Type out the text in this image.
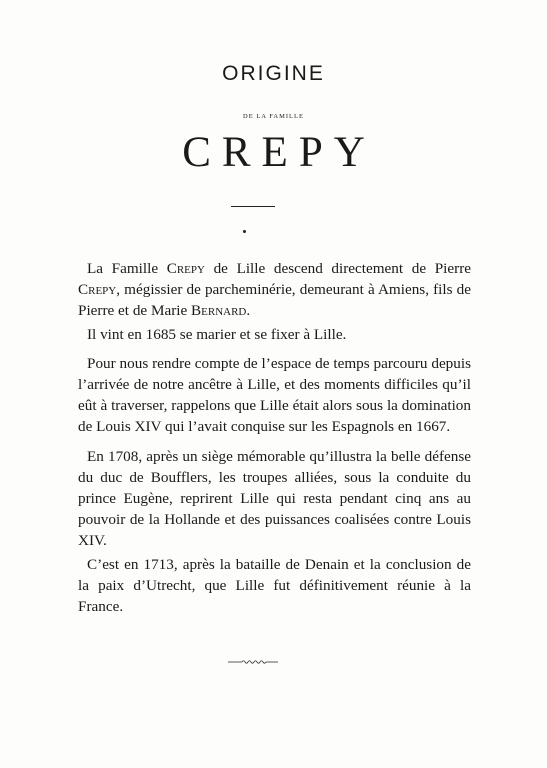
ORIGINE
DE LA FAMILLE
CREPY

La Famille Crepy de Lille descend directement de Pierre Crepy, mégissier de parcheminérie, demeurant à Amiens, fils de Pierre et de Marie Bernard.

Il vint en 1685 se marier et se fixer à Lille.

Pour nous rendre compte de l’espace de temps parcouru depuis l’arrivée de notre ancêtre à Lille, et des moments difficiles qu’il eût à traverser, rappelons que Lille était alors sous la domination de Louis XIV qui l’avait conquise sur les Espagnols en 1667.

En 1708, après un siège mémorable qu’illustra la belle défense du duc de Boufflers, les troupes alliées, sous la conduite du prince Eugène, reprirent Lille qui resta pendant cinq ans au pouvoir de la Hollande et des puissances coalisées contre Louis XIV.

C’est en 1713, après la bataille de Denain et la conclusion de la paix d’Utrecht, que Lille fut définitivement réunie à la France.
